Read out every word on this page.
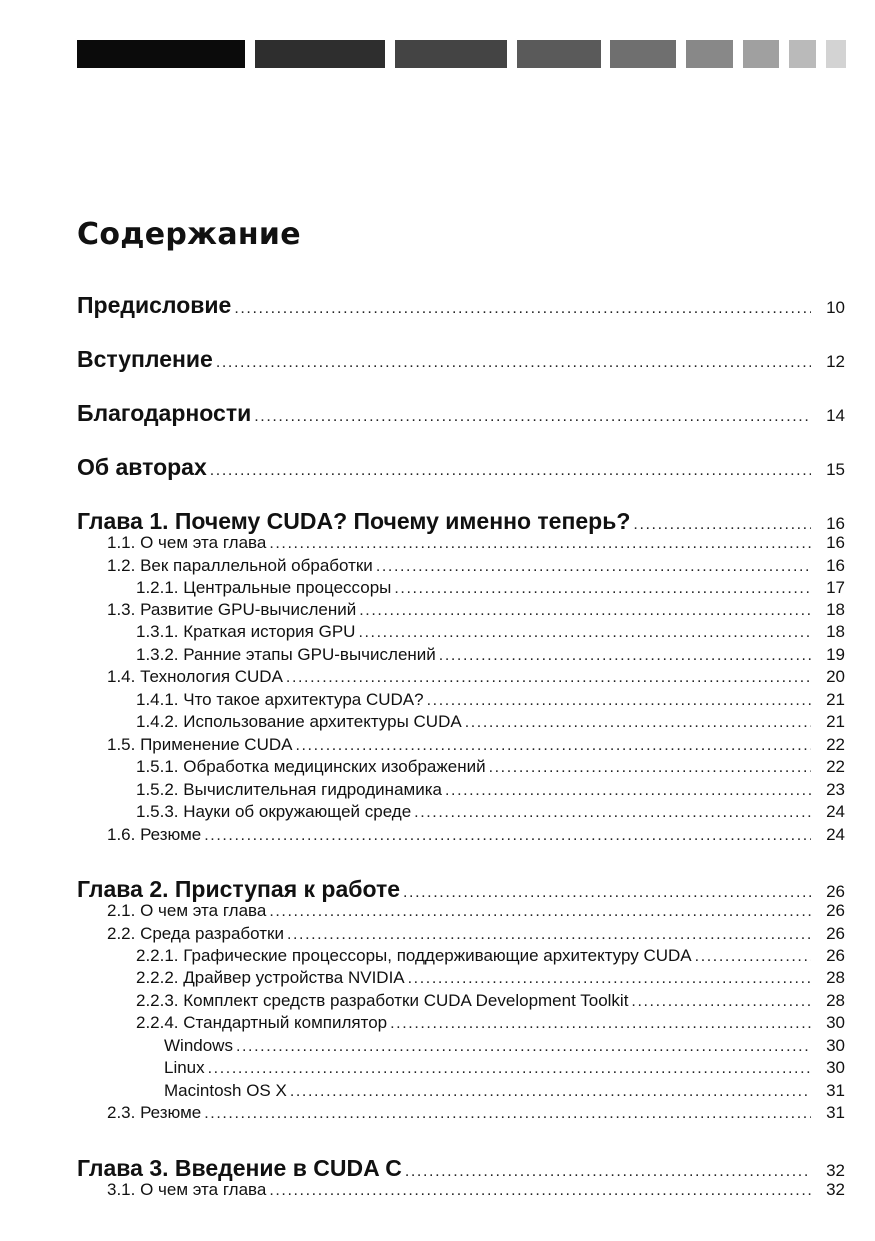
Содержание
Предисловие .....	10
Вступление .....	12
Благодарности .....	14
Об авторах .....	15
Глава 1. Почему CUDA? Почему именно теперь? .....	16
1.1. О чем эта глава .....	16
1.2. Век параллельной обработки .....	16
1.2.1. Центральные процессоры .....	17
1.3. Развитие GPU-вычислений .....	18
1.3.1. Краткая история GPU .....	18
1.3.2. Ранние этапы GPU-вычислений .....	19
1.4. Технология CUDA .....	20
1.4.1. Что такое архитектура CUDA? .....	21
1.4.2. Использование архитектуры CUDA .....	21
1.5. Применение CUDA .....	22
1.5.1. Обработка медицинских изображений .....	22
1.5.2. Вычислительная гидродинамика .....	23
1.5.3. Науки об окружающей среде .....	24
1.6. Резюме .....	24
Глава 2. Приступая к работе .....	26
2.1. О чем эта глава .....	26
2.2. Среда разработки .....	26
2.2.1. Графические процессоры, поддерживающие архитектуру CUDA .....	26
2.2.2. Драйвер устройства NVIDIA .....	28
2.2.3. Комплект средств разработки CUDA Development Toolkit .....	28
2.2.4. Стандартный компилятор .....	30
Windows .....	30
Linux .....	30
Macintosh OS X .....	31
2.3. Резюме .....	31
Глава 3. Введение в CUDA C .....	32
3.1. О чем эта глава .....	32
